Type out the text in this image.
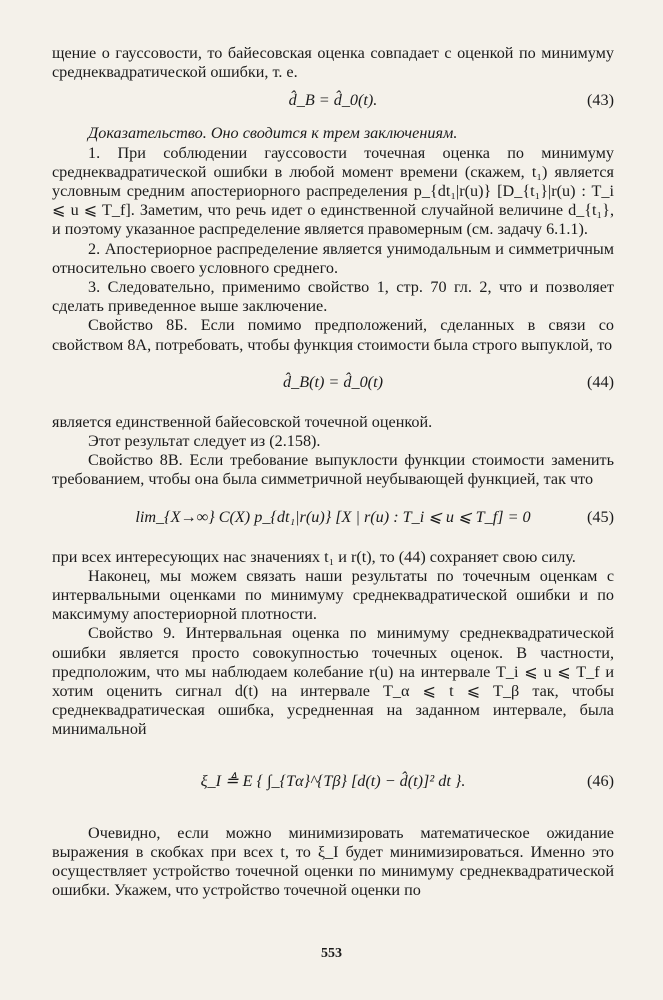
щение о гауссовости, то байесовская оценка совпадает с оценкой по минимуму среднеквадратической ошибки, т. е.

d̂_B = d̂_0(t).	(43)

Доказательство. Оно сводится к трем заключениям.

1. При соблюдении гауссовости точечная оценка по минимуму среднеквадратической ошибки в любой момент времени (скажем, t₁) является условным средним апостериорного распределения p_{dt₁|r(u)} [D_{t₁}|r(u) : T_i ⩽ u ⩽ T_f]. Заметим, что речь идет о единственной случайной величине d_{t₁}, и поэтому указанное распределение является правомерным (см. задачу 6.1.1).

2. Апостериорное распределение является унимодальным и симметричным относительно своего условного среднего.

3. Следовательно, применимо свойство 1, стр. 70 гл. 2, что и позволяет сделать приведенное выше заключение.

Свойство 8Б. Если помимо предположений, сделанных в связи со свойством 8А, потребовать, чтобы функция стоимости была строго выпуклой, то

d̂_B(t) = d̂_0(t)	(44)

является единственной байесовской точечной оценкой.

Этот результат следует из (2.158).

Свойство 8В. Если требование выпуклости функции стоимости заменить требованием, чтобы она была симметричной неубывающей функцией, так что

lim_{X→∞} C(X) p_{dt₁|r(u)} [X | r(u) : T_i ⩽ u ⩽ T_f] = 0	(45)

при всех интересующих нас значениях t₁ и r(t), то (44) сохраняет свою силу.

Наконец, мы можем связать наши результаты по точечным оценкам с интервальными оценками по минимуму среднеквадратической ошибки и по максимуму апостериорной плотности.

Свойство 9. Интервальная оценка по минимуму среднеквадратической ошибки является просто совокупностью точечных оценок. В частности, предположим, что мы наблюдаем колебание r(u) на интервале T_i ⩽ u ⩽ T_f и хотим оценить сигнал d(t) на интервале T_α ⩽ t ⩽ T_β так, чтобы среднеквадратическая ошибка, усредненная на заданном интервале, была минимальной

ξ_I ≜ E { ∫_{Tα}^{Tβ} [d(t) − d̂(t)]² dt }.	(46)

Очевидно, если можно минимизировать математическое ожидание выражения в скобках при всех t, то ξ_I будет минимизироваться. Именно это осуществляет устройство точечной оценки по минимуму среднеквадратической ошибки. Укажем, что устройство точечной оценки по

553
